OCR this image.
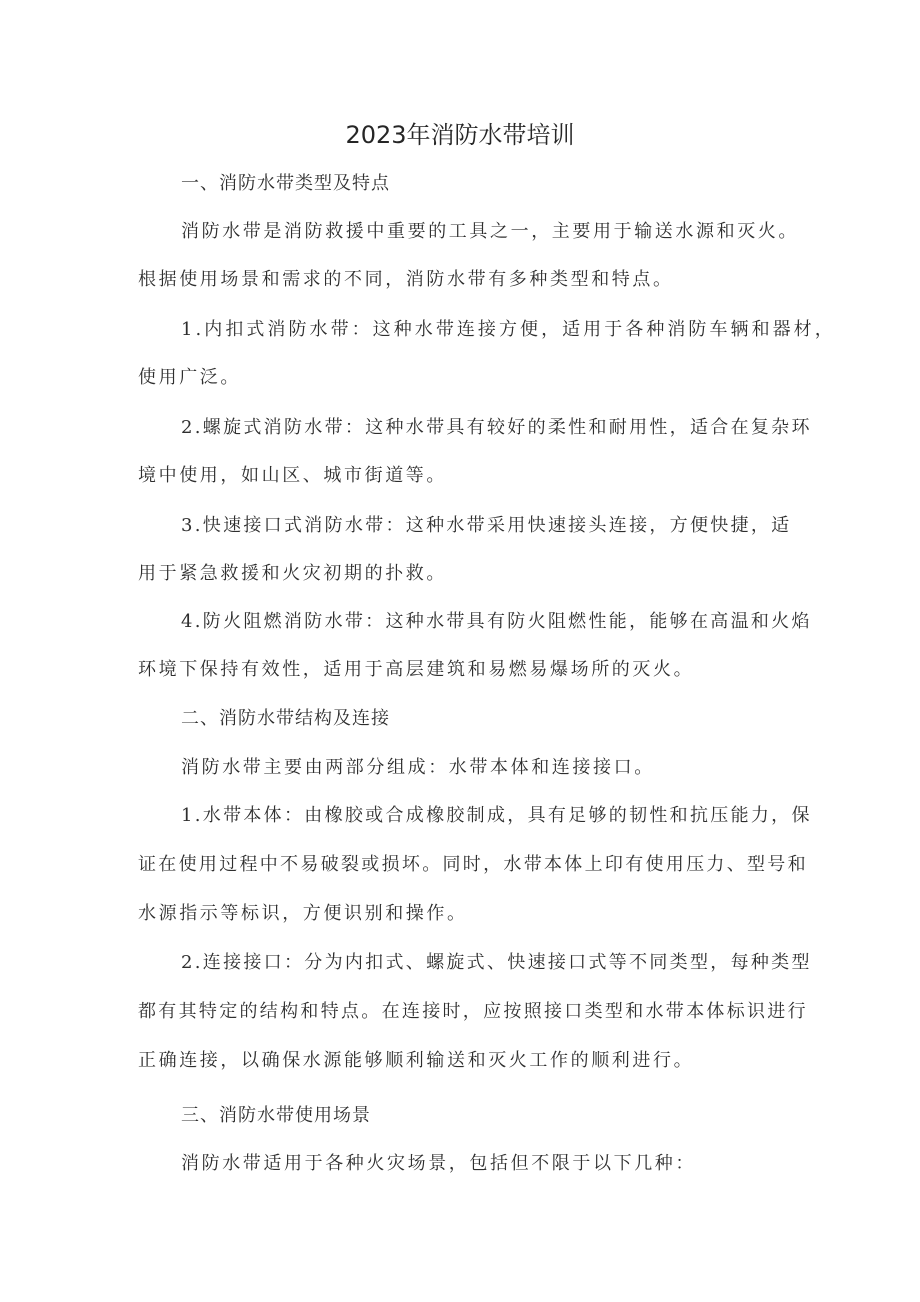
2023年消防水带培训
一、消防水带类型及特点
消防水带是消防救援中重要的工具之一，主要用于输送水源和灭火。
根据使用场景和需求的不同，消防水带有多种类型和特点。
1.内扣式消防水带：这种水带连接方便，适用于各种消防车辆和器材，
使用广泛。
2.螺旋式消防水带：这种水带具有较好的柔性和耐用性，适合在复杂环
境中使用，如山区、城市街道等。
3.快速接口式消防水带：这种水带采用快速接头连接，方便快捷，适
用于紧急救援和火灾初期的扑救。
4.防火阻燃消防水带：这种水带具有防火阻燃性能，能够在高温和火焰
环境下保持有效性，适用于高层建筑和易燃易爆场所的灭火。
二、消防水带结构及连接
消防水带主要由两部分组成：水带本体和连接接口。
1.水带本体：由橡胶或合成橡胶制成，具有足够的韧性和抗压能力，保
证在使用过程中不易破裂或损坏。同时，水带本体上印有使用压力、型号和
水源指示等标识，方便识别和操作。
2.连接接口：分为内扣式、螺旋式、快速接口式等不同类型，每种类型
都有其特定的结构和特点。在连接时，应按照接口类型和水带本体标识进行
正确连接，以确保水源能够顺利输送和灭火工作的顺利进行。
三、消防水带使用场景
消防水带适用于各种火灾场景，包括但不限于以下几种：
